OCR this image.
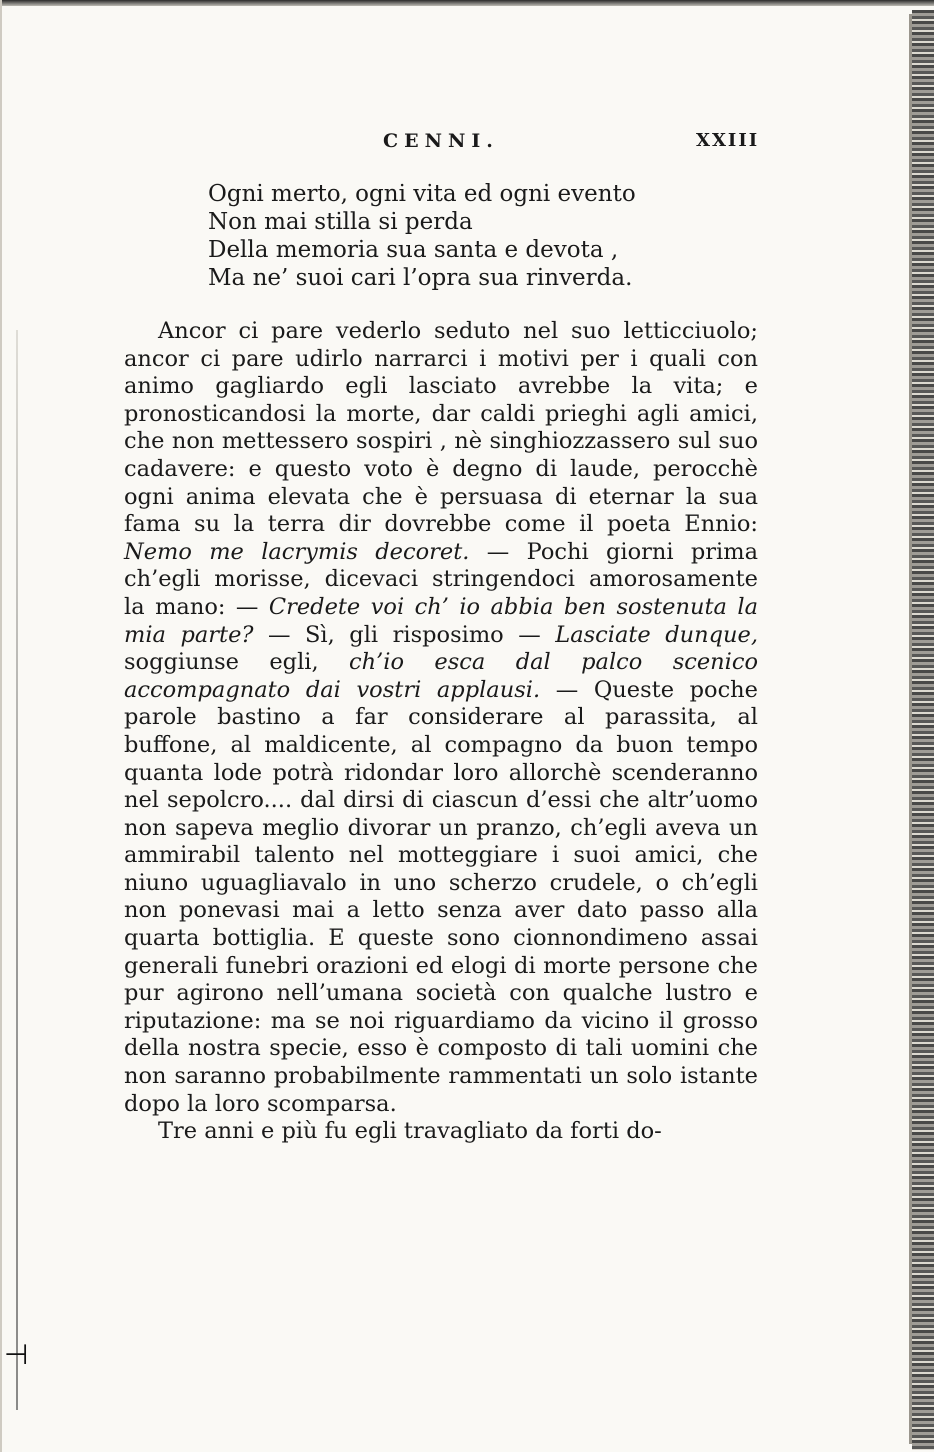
⊣
CENNI.	XXIII
Ogni merto, ogni vita ed ogni evento
Non mai stilla si perda
Della memoria sua santa e devota ,
Ma ne’ suoi cari l’opra sua rinverda.

Ancor ci pare vederlo seduto nel suo letticciuolo; ancor ci pare udirlo narrarci i motivi per i quali con animo gagliardo egli lasciato avrebbe la vita; e pronosticandosi la morte, dar caldi prieghi agli amici, che non mettessero sospiri , nè singhiozzassero sul suo cadavere: e questo voto è degno di laude, perocchè ogni anima elevata che è persuasa di eternar la sua fama su la terra dir dovrebbe come il poeta Ennio: Nemo me lacrymis decoret. — Pochi giorni prima ch’egli morisse, dicevaci stringendoci amorosamente la mano: — Credete voi ch’ io abbia ben sostenuta la mia parte? — Sì, gli risposimo — Lasciate dunque, soggiunse egli, ch’io esca dal palco scenico accompagnato dai vostri applausi. — Queste poche parole bastino a far considerare al parassita, al buffone, al maldicente, al compagno da buon tempo quanta lode potrà ridondar loro allorchè scenderanno nel sepolcro.... dal dirsi di ciascun d’essi che altr’uomo non sapeva meglio divorar un pranzo, ch’egli aveva un ammirabil talento nel motteggiare i suoi amici, che niuno uguagliavalo in uno scherzo crudele, o ch’egli non ponevasi mai a letto senza aver dato passo alla quarta bottiglia. E queste sono cionnondimeno assai generali funebri orazioni ed elogi di morte persone che pur agirono nell’umana società con qualche lustro e riputazione: ma se noi riguardiamo da vicino il grosso della nostra specie, esso è composto di tali uomini che non saranno probabilmente rammentati un solo istante dopo la loro scomparsa.

Tre anni e più fu egli travagliato da forti do-
